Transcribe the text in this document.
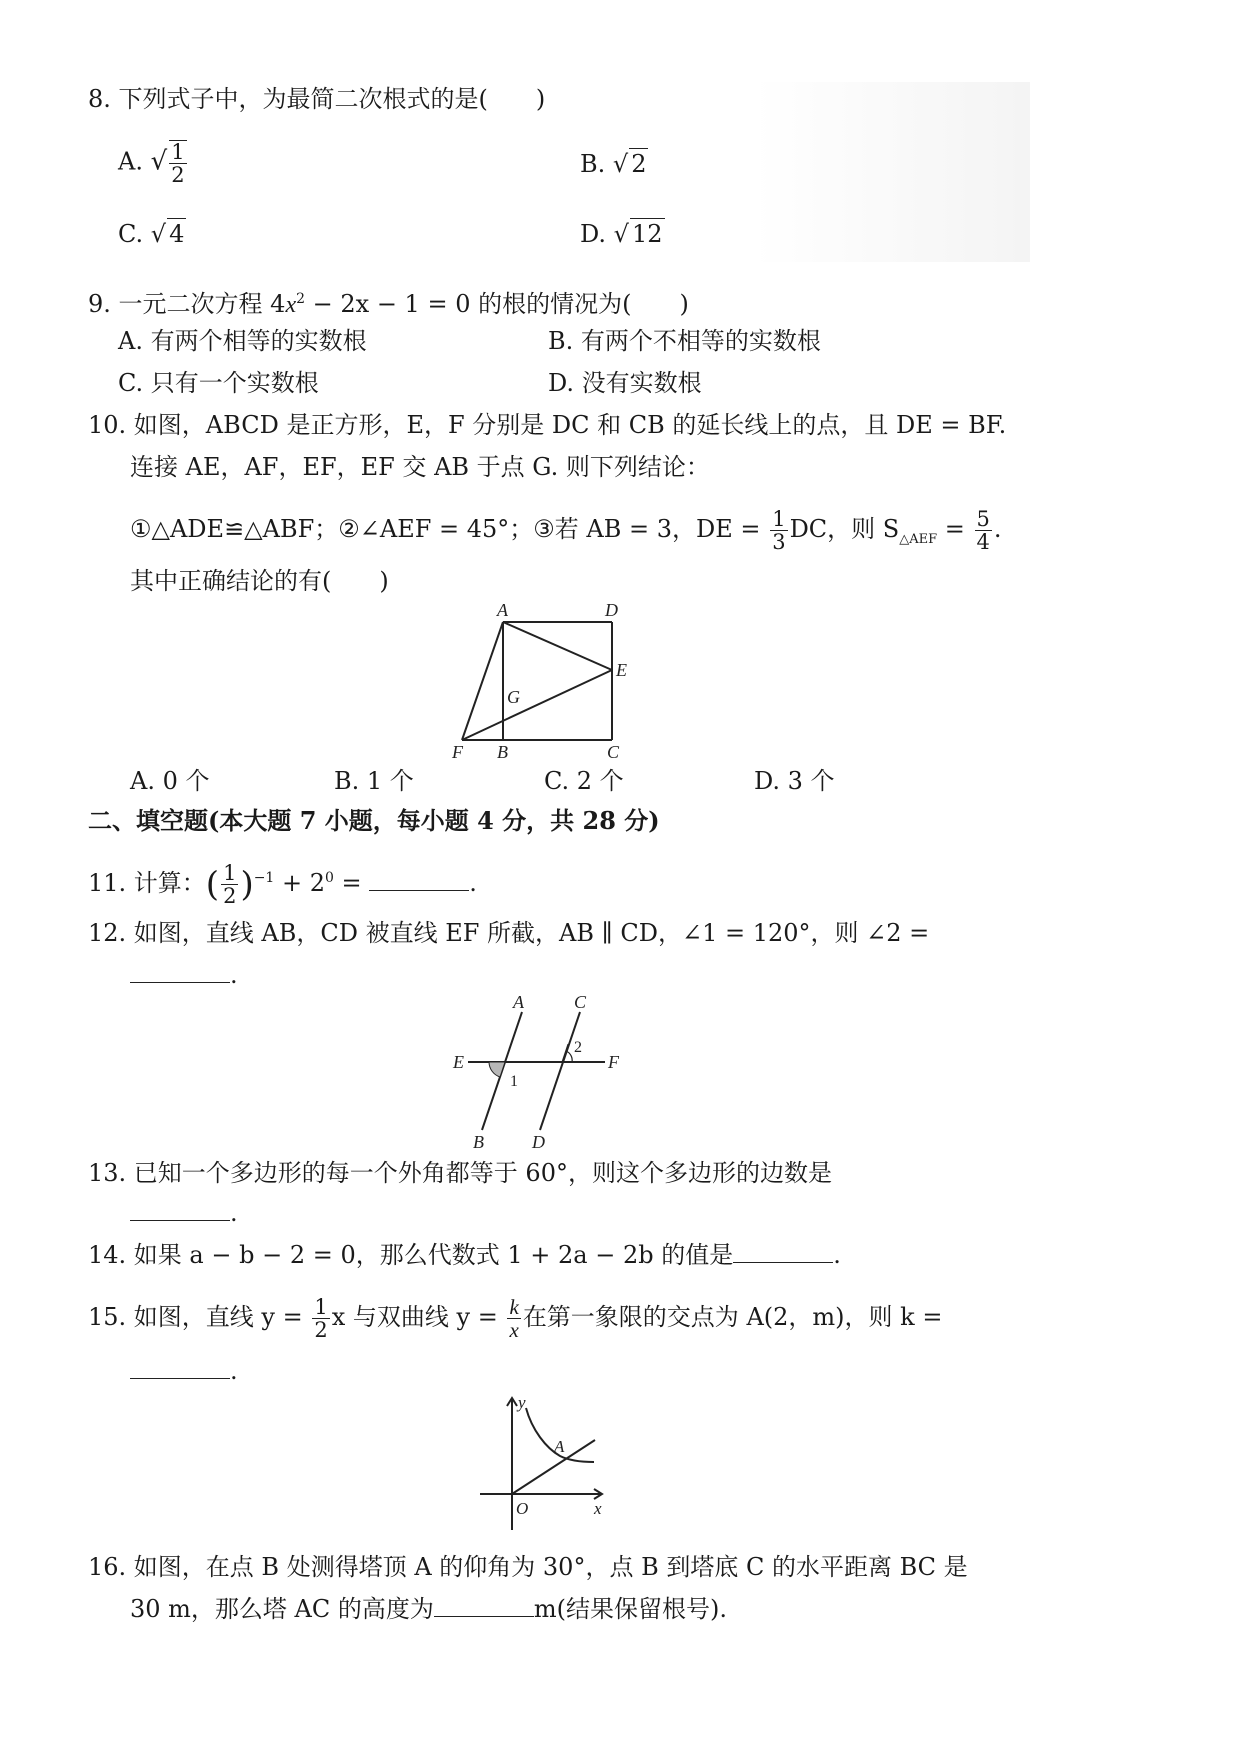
8. 下列式子中，为最简二次根式的是(　　)
A. √ $\frac{1}{2}$	B. √ 2
C. √ 4	D. √ 12
9. 一元二次方程 $4x^2 - 2x - 1 = 0$ 的根的情况为(　　)
A. 有两个相等的实数根	B. 有两个不相等的实数根
C. 只有一个实数根	D. 没有实数根
10. 如图，ABCD 是正方形，E，F 分别是 DC 和 CB 的延长线上的点，且 DE = BF.
连接 AE，AF，EF，EF 交 AB 于点 G. 则下列结论：
①△ADE≌△ABF；②∠AEF = 45°；③若 AB = 3，DE = $\frac{1}{3}$ DC，则 $S_{\triangle AEF} = \frac{5}{4}$ .
其中正确结论的有(　　)
A	D
E
G
F B	C
A. 0 个	B. 1 个	C. 2 个	D. 3 个
二、填空题(本大题 7 小题，每小题 4 分，共 28 分)
11. 计算：( $\frac{1}{2} )^{-1} + 2^0$ =	.
12. 如图，直线 AB，CD 被直线 EF 所截，AB ∥ CD，∠1 = 120°，则 ∠2 =
.
A	C
E	F
B	D
1
2
13. 已知一个多边形的每一个外角都等于 60°，则这个多边形的边数是
.
14. 如果 a − b − 2 = 0，那么代数式 1 + 2a − 2b 的值是	.
15. 如图，直线 $y = \frac{1}{2}$ x 与双曲线 $y = \frac{k}{x}$ 在第一象限的交点为 A(2，m)，则 k =
.
y
x
O
A
16. 如图，在点 B 处测得塔顶 A 的仰角为 30°，点 B 到塔底 C 的水平距离 BC 是
30 m，那么塔 AC 的高度为	m(结果保留根号).
